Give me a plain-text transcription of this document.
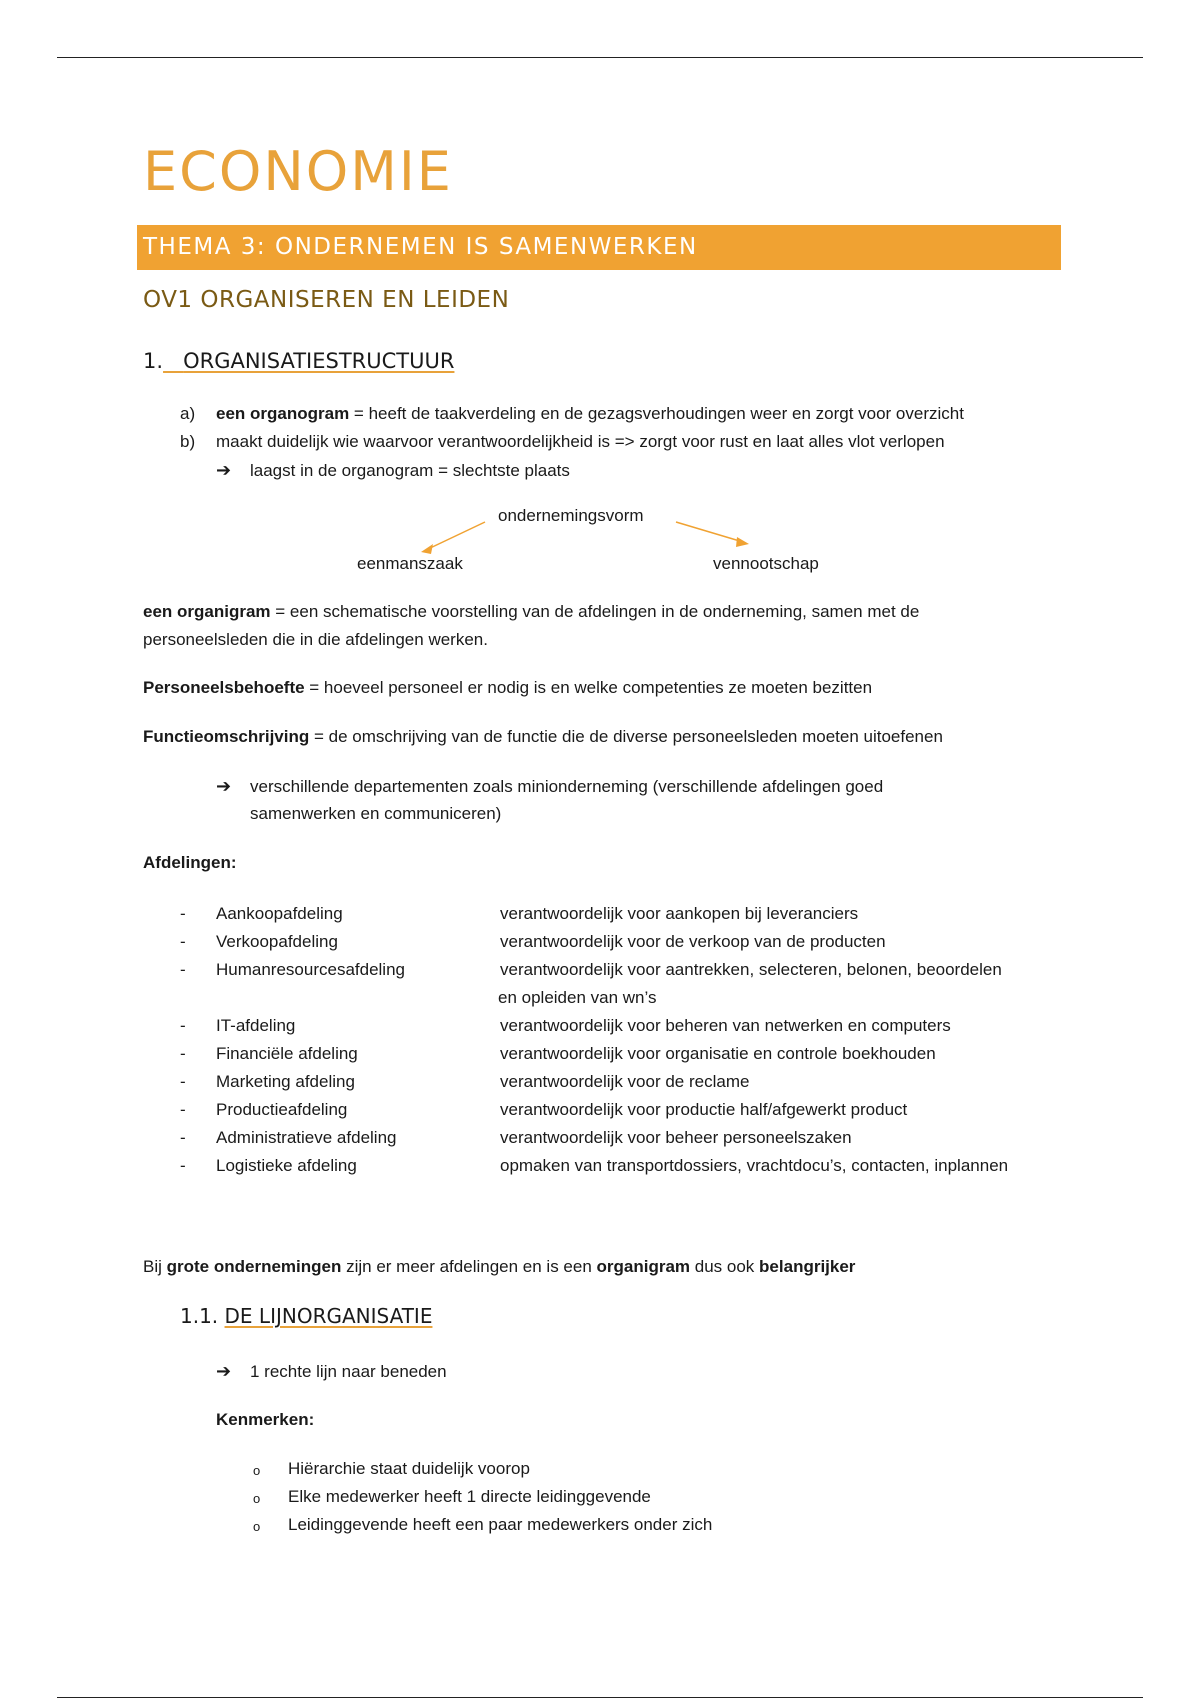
ECONOMIE
THEMA 3: ONDERNEMEN IS SAMENWERKEN
OV1 ORGANISEREN EN LEIDEN
1. ORGANISATIESTRUCTUUR
a) een organogram = heeft de taakverdeling en de gezagsverhoudingen weer en zorgt voor overzicht
b) maakt duidelijk wie waarvoor verantwoordelijkheid is => zorgt voor rust en laat alles vlot verlopen
➔ laagst in de organogram = slechtste plaats
ondernemingsvorm
eenmanszaak	vennootschap
een organigram = een schematische voorstelling van de afdelingen in de onderneming, samen met de
personeelsleden die in die afdelingen werken.
Personeelsbehoefte = hoeveel personeel er nodig is en welke competenties ze moeten bezitten
Functieomschrijving = de omschrijving van de functie die de diverse personeelsleden moeten uitoefenen
➔ verschillende departementen zoals minionderneming (verschillende afdelingen goed
samenwerken en communiceren)
Afdelingen:
- Aankoopafdeling	verantwoordelijk voor aankopen bij leveranciers
- Verkoopafdeling	verantwoordelijk voor de verkoop van de producten
- Humanresourcesafdeling	verantwoordelijk voor aantrekken, selecteren, belonen, beoordelen
en opleiden van wn’s
- IT-afdeling	verantwoordelijk voor beheren van netwerken en computers
- Financiële afdeling	verantwoordelijk voor organisatie en controle boekhouden
- Marketing afdeling	verantwoordelijk voor de reclame
- Productieafdeling	verantwoordelijk voor productie half/afgewerkt product
- Administratieve afdeling	verantwoordelijk voor beheer personeelszaken
- Logistieke afdeling	opmaken van transportdossiers, vrachtdocu’s, contacten, inplannen
Bij grote ondernemingen zijn er meer afdelingen en is een organigram dus ook belangrijker
1.1. DE LIJNORGANISATIE
➔ 1 rechte lijn naar beneden
Kenmerken:
o Hiërarchie staat duidelijk voorop
o Elke medewerker heeft 1 directe leidinggevende
o Leidinggevende heeft een paar medewerkers onder zich
